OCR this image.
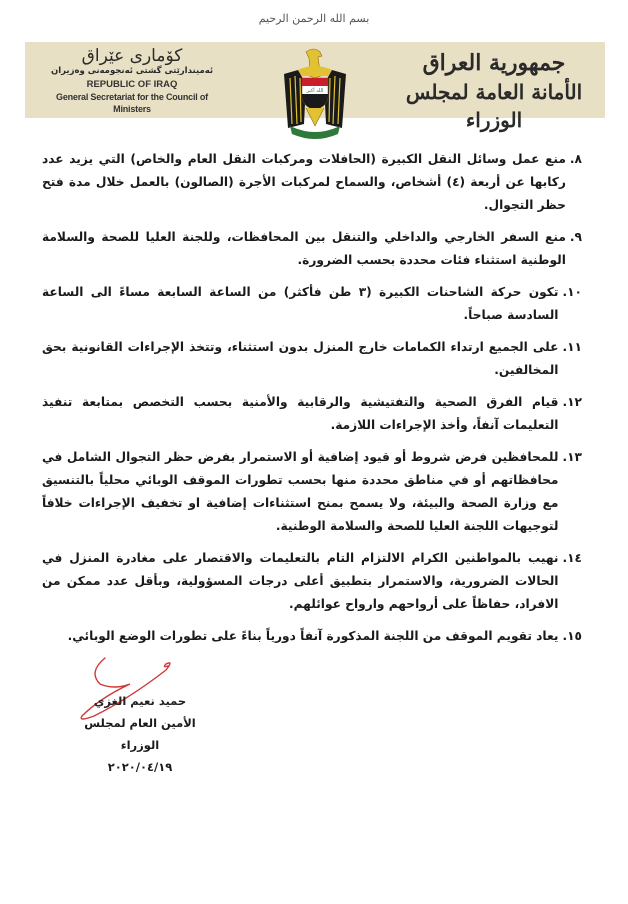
بسم الله الرحمن الرحيم
كۆماری عێراق
ئەمیندارێتی گشتی ئەنجومەنی وەزیران
REPUBLIC OF IRAQ
General Secretariat for the Council of Ministers
جمهورية العراق
الأمانة العامة لمجلس الوزراء
الله أكبر
٨.
منع عمل وسائل النقل الكبيرة (الحافلات ومركبات النقل العام والخاص) التي يزيد عدد ركابها عن أربعة (٤) أشخاص، والسماح لمركبات الأجرة (الصالون) بالعمل خلال مدة فتح حظر التجوال.
٩.
منع السفر الخارجي والداخلي والتنقل بين المحافظات، وللجنة العليا للصحة والسلامة الوطنية استثناء فئات محددة بحسب الضرورة.
١٠.
تكون حركة الشاحنات الكبيرة (٣ طن فأكثر) من الساعة السابعة مساءً الى الساعة السادسة صباحاً.
١١.
على الجميع ارتداء الكمامات خارج المنزل بدون استثناء، وتتخذ الإجراءات القانونية بحق المخالفين.
١٢.
قيام الفرق الصحية والتفتيشية والرقابية والأمنية بحسب التخصص بمتابعة تنفيذ التعليمات آنفاً، وأخذ الإجراءات اللازمة.
١٣.
للمحافظين فرض شروط أو قيود إضافية أو الاستمرار بفرض حظر التجوال الشامل في محافظاتهم أو في مناطق محددة منها بحسب تطورات الموقف الوبائي محلياً بالتنسيق مع وزارة الصحة والبيئة، ولا يسمح بمنح استثناءات إضافية او تخفيف الإجراءات خلافاً لتوجيهات اللجنة العليا للصحة والسلامة الوطنية.
١٤.
نهيب بالمواطنين الكرام الالتزام التام بالتعليمات والاقتصار على مغادرة المنزل في الحالات الضرورية، والاستمرار بتطبيق أعلى درجات المسؤولية، وبأقل عدد ممكن من الافراد، حفاظاً على أرواحهم وارواح عوائلهم.
١٥.
يعاد تقويم الموقف من اللجنة المذكورة آنفاً دورياً بناءً على تطورات الوضع الوبائي.
حميد نعيم الغزي
الأمين العام لمجلس الوزراء
٢٠٢٠/٠٤/١٩
